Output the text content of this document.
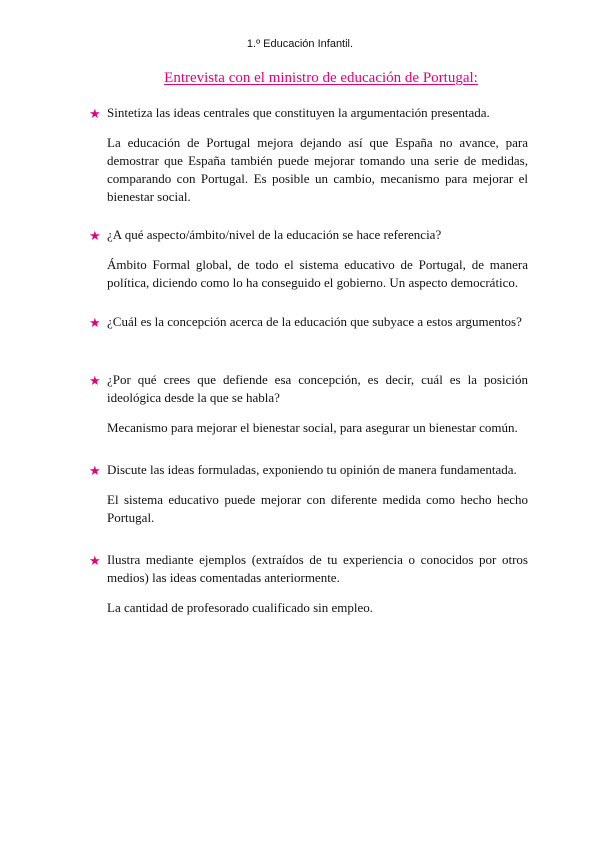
1.º Educación Infantil.
Entrevista con el ministro de educación de Portugal:
★ Sintetiza las ideas centrales que constituyen la argumentación presentada.

La educación de Portugal mejora dejando así que España no avance, para demostrar que España también puede mejorar tomando una serie de medidas, comparando con Portugal. Es posible un cambio, mecanismo para mejorar el bienestar social.

★ ¿A qué aspecto/ámbito/nivel de la educación se hace referencia?

Ámbito Formal global, de todo el sistema educativo de Portugal, de manera política, diciendo como lo ha conseguido el gobierno. Un aspecto democrático.

★ ¿Cuál es la concepción acerca de la educación que subyace a estos argumentos?

★ ¿Por qué crees que defiende esa concepción, es decir, cuál es la posición ideológica desde la que se habla?

Mecanismo para mejorar el bienestar social, para asegurar un bienestar común.

★ Discute las ideas formuladas, exponiendo tu opinión de manera fundamentada.

El sistema educativo puede mejorar con diferente medida como hecho hecho Portugal.

★ Ilustra mediante ejemplos (extraídos de tu experiencia o conocidos por otros medios) las ideas comentadas anteriormente.

La cantidad de profesorado cualificado sin empleo.
